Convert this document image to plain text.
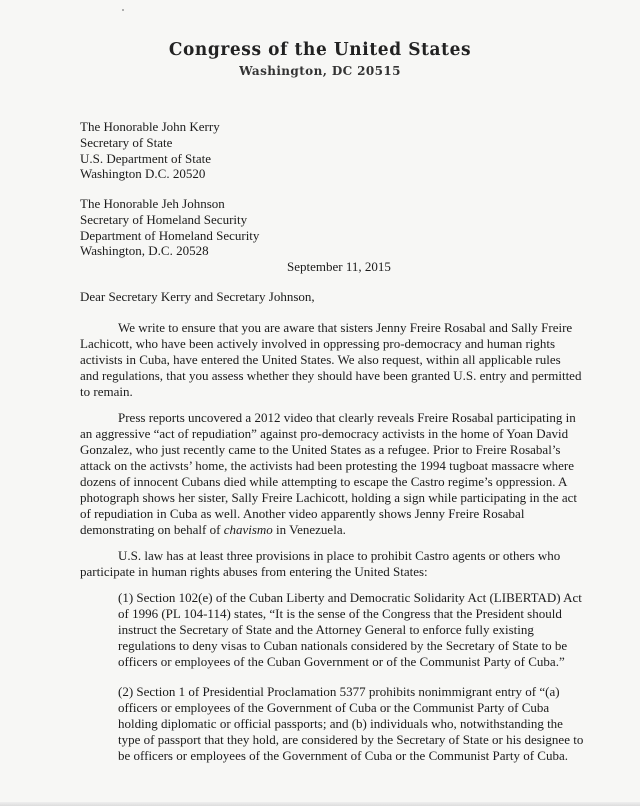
Congress of the United States
Washington, DC 20515
The Honorable John Kerry
Secretary of State
U.S. Department of State
Washington D.C. 20520
The Honorable Jeh Johnson
Secretary of Homeland Security
Department of Homeland Security
Washington, D.C. 20528
September 11, 2015
Dear Secretary Kerry and Secretary Johnson,
We write to ensure that you are aware that sisters Jenny Freire Rosabal and Sally Freire
Lachicott, who have been actively involved in oppressing pro-democracy and human rights
activists in Cuba, have entered the United States. We also request, within all applicable rules
and regulations, that you assess whether they should have been granted U.S. entry and permitted
to remain.
Press reports uncovered a 2012 video that clearly reveals Freire Rosabal participating in
an aggressive “act of repudiation” against pro-democracy activists in the home of Yoan David
Gonzalez, who just recently came to the United States as a refugee. Prior to Freire Rosabal’s
attack on the activsts’ home, the activists had been protesting the 1994 tugboat massacre where
dozens of innocent Cubans died while attempting to escape the Castro regime’s oppression. A
photograph shows her sister, Sally Freire Lachicott, holding a sign while participating in the act
of repudiation in Cuba as well. Another video apparently shows Jenny Freire Rosabal
demonstrating on behalf of chavismo in Venezuela.
U.S. law has at least three provisions in place to prohibit Castro agents or others who
participate in human rights abuses from entering the United States:
(1) Section 102(e) of the Cuban Liberty and Democratic Solidarity Act (LIBERTAD) Act
of 1996 (PL 104-114) states, “It is the sense of the Congress that the President should
instruct the Secretary of State and the Attorney General to enforce fully existing
regulations to deny visas to Cuban nationals considered by the Secretary of State to be
officers or employees of the Cuban Government or of the Communist Party of Cuba.”
(2) Section 1 of Presidential Proclamation 5377 prohibits nonimmigrant entry of “(a)
officers or employees of the Government of Cuba or the Communist Party of Cuba
holding diplomatic or official passports; and (b) individuals who, notwithstanding the
type of passport that they hold, are considered by the Secretary of State or his designee to
be officers or employees of the Government of Cuba or the Communist Party of Cuba.
